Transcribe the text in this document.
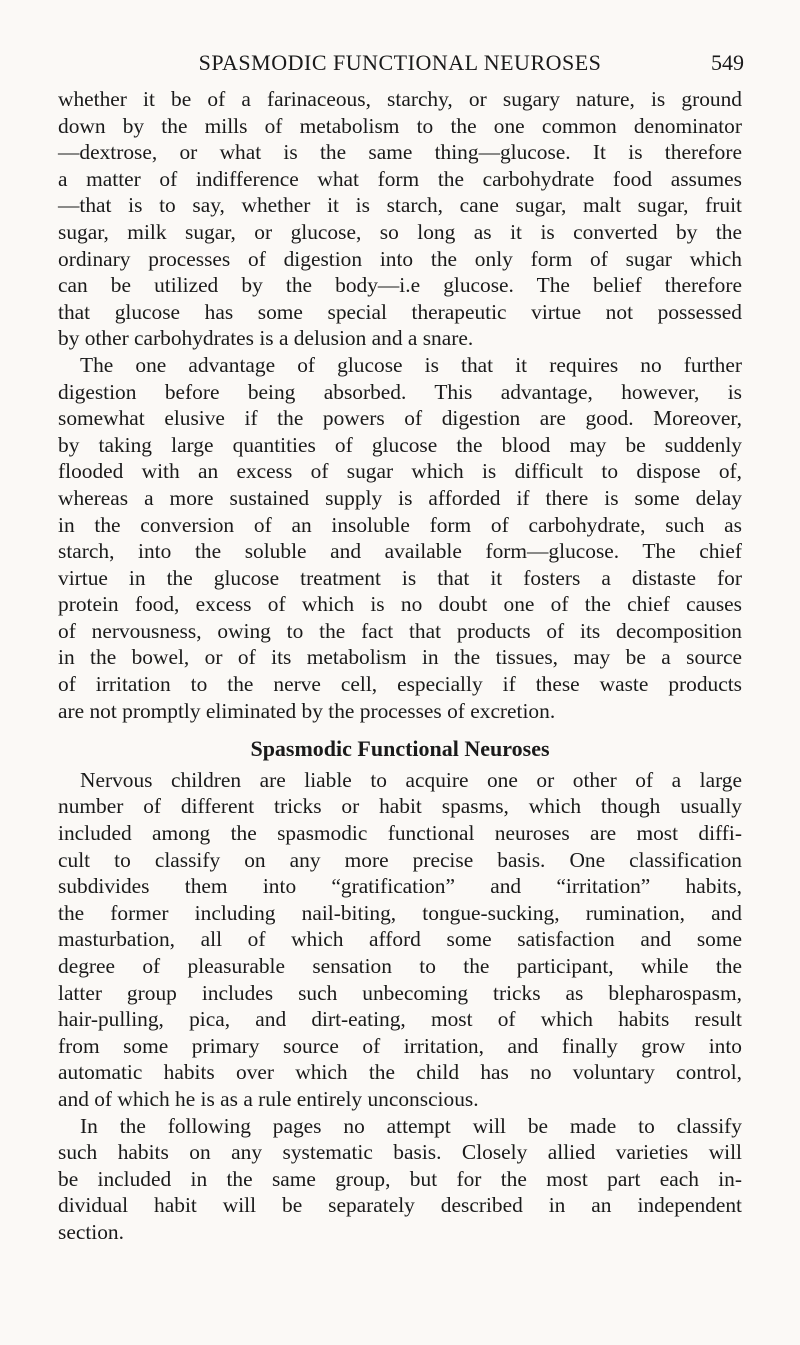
SPASMODIC FUNCTIONAL NEUROSES	549
whether it be of a farinaceous, starchy, or sugary nature, is ground
down by the mills of metabolism to the one common denominator
—dextrose, or what is the same thing—glucose. It is therefore
a matter of indifference what form the carbohydrate food assumes
—that is to say, whether it is starch, cane sugar, malt sugar, fruit
sugar, milk sugar, or glucose, so long as it is converted by the
ordinary processes of digestion into the only form of sugar which
can be utilized by the body—i.e glucose. The belief therefore
that glucose has some special therapeutic virtue not possessed
by other carbohydrates is a delusion and a snare.
The one advantage of glucose is that it requires no further
digestion before being absorbed. This advantage, however, is
somewhat elusive if the powers of digestion are good. Moreover,
by taking large quantities of glucose the blood may be suddenly
flooded with an excess of sugar which is difficult to dispose of,
whereas a more sustained supply is afforded if there is some delay
in the conversion of an insoluble form of carbohydrate, such as
starch, into the soluble and available form—glucose. The chief
virtue in the glucose treatment is that it fosters a distaste for
protein food, excess of which is no doubt one of the chief causes
of nervousness, owing to the fact that products of its decomposition
in the bowel, or of its metabolism in the tissues, may be a source
of irritation to the nerve cell, especially if these waste products
are not promptly eliminated by the processes of excretion.
Spasmodic Functional Neuroses
Nervous children are liable to acquire one or other of a large
number of different tricks or habit spasms, which though usually
included among the spasmodic functional neuroses are most diffi-
cult to classify on any more precise basis. One classification
subdivides them into “gratification” and “irritation” habits,
the former including nail-biting, tongue-sucking, rumination, and
masturbation, all of which afford some satisfaction and some
degree of pleasurable sensation to the participant, while the
latter group includes such unbecoming tricks as blepharospasm,
hair-pulling, pica, and dirt-eating, most of which habits result
from some primary source of irritation, and finally grow into
automatic habits over which the child has no voluntary control,
and of which he is as a rule entirely unconscious.
In the following pages no attempt will be made to classify
such habits on any systematic basis. Closely allied varieties will
be included in the same group, but for the most part each in-
dividual habit will be separately described in an independent
section.
